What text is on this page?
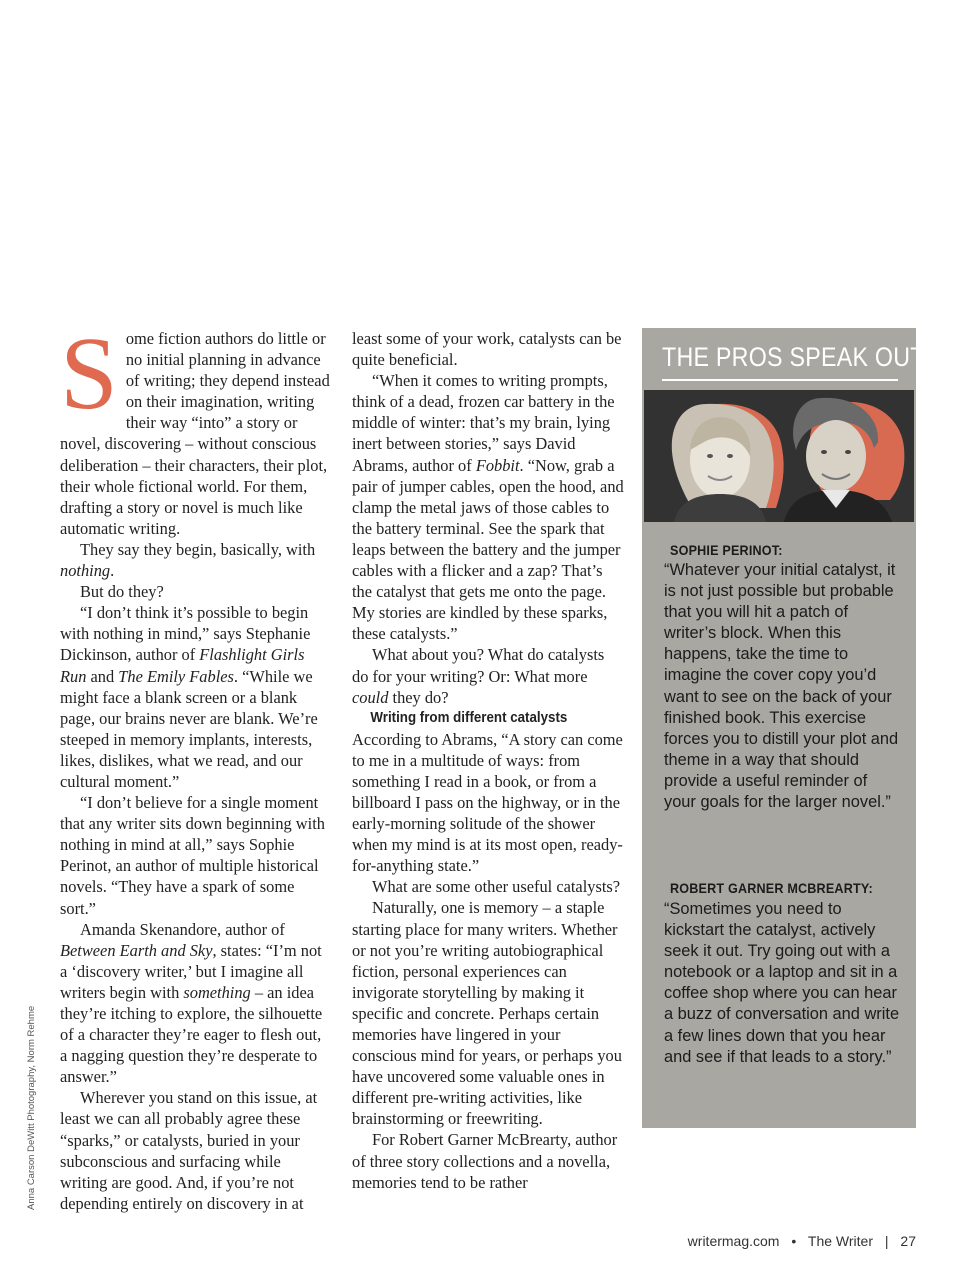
Some fiction authors do little or no initial planning in advance of writing; they depend instead on their imagination, writing their way “into” a story or novel, discovering – without conscious deliberation – their characters, their plot, their whole fictional world. For them, drafting a story or novel is much like automatic writing.

They say they begin, basically, with nothing.

But do they?

“I don’t think it’s possible to begin with nothing in mind,” says Stephanie Dickinson, author of Flashlight Girls Run and The Emily Fables. “While we might face a blank screen or a blank page, our brains never are blank. We’re steeped in memory implants, interests, likes, dislikes, what we read, and our cultural moment.”

“I don’t believe for a single moment that any writer sits down beginning with nothing in mind at all,” says Sophie Perinot, an author of multiple historical novels. “They have a spark of some sort.”

Amanda Skenandore, author of Between Earth and Sky, states: “I’m not a ‘discovery writer,’ but I imagine all writers begin with something – an idea they’re itching to explore, the silhouette of a character they’re eager to flesh out, a nagging question they’re desperate to answer.”

Wherever you stand on this issue, at least we can all probably agree these “sparks,” or catalysts, buried in your subconscious and surfacing while writing are good. And, if you’re not depending entirely on discovery in at

least some of your work, catalysts can be quite beneficial.

“When it comes to writing prompts, think of a dead, frozen car battery in the middle of winter: that’s my brain, lying inert between stories,” says David Abrams, author of Fobbit. “Now, grab a pair of jumper cables, open the hood, and clamp the metal jaws of those cables to the battery terminal. See the spark that leaps between the battery and the jumper cables with a flicker and a zap? That’s the catalyst that gets me onto the page. My stories are kindled by these sparks, these catalysts.”

What about you? What do catalysts do for your writing? Or: What more could they do?

Writing from different catalysts

According to Abrams, “A story can come to me in a multitude of ways: from something I read in a book, or from a billboard I pass on the highway, or in the early-morning solitude of the shower when my mind is at its most open, ready-for-anything state.”

What are some other useful catalysts?

Naturally, one is memory – a staple starting place for many writers. Whether or not you’re writing autobiographical fiction, personal experiences can invigorate storytelling by making it specific and concrete. Perhaps certain memories have lingered in your conscious mind for years, or perhaps you have uncovered some valuable ones in different pre-writing activities, like brainstorming or freewriting.

For Robert Garner McBrearty, author of three story collections and a novella, memories tend to be rather

THE PROS SPEAK OUT
SOPHIE PERINOT:
“Whatever your initial catalyst, it is not just possible but probable that you will hit a patch of writer’s block. When this happens, take the time to imagine the cover copy you’d want to see on the back of your finished book. This exercise forces you to distill your plot and theme in a way that should provide a useful reminder of your goals for the larger novel.”
ROBERT GARNER MCBREARTY:
“Sometimes you need to kickstart the catalyst, actively seek it out. Try going out with a notebook or a laptop and sit in a coffee shop where you can hear a buzz of conversation and write a few lines down that you hear and see if that leads to a story.”
Anna Carson DeWitt Photography, Norm Rehme
writermag.com • The Writer | 27
